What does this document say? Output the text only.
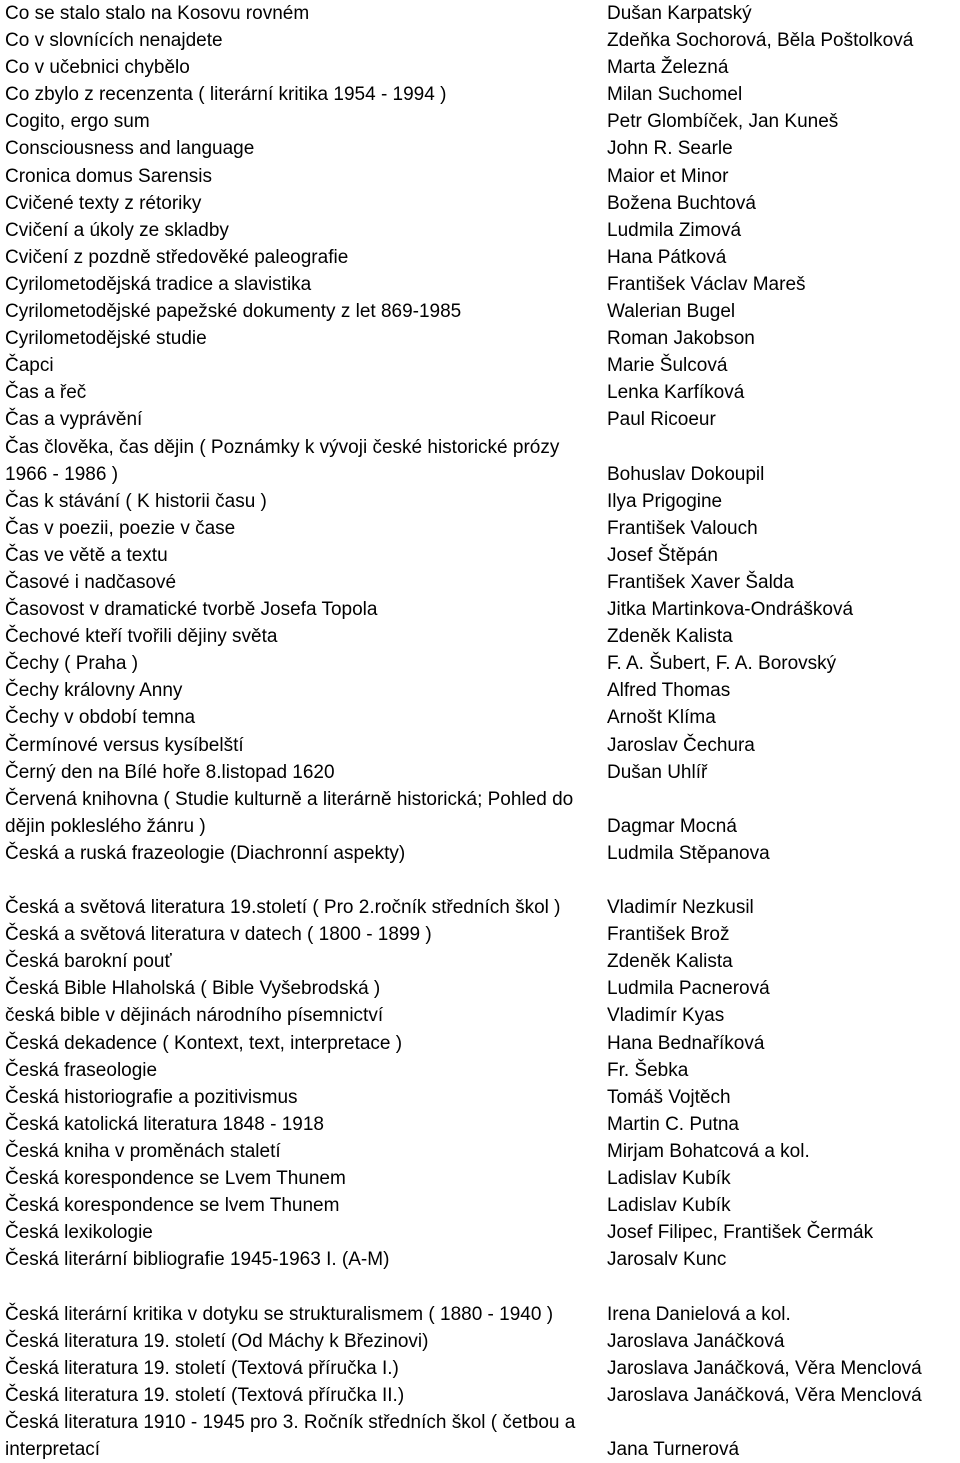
Co se stalo stalo na Kosovu rovném	Dušan Karpatský
Co v slovnících nenajdete	Zdeňka Sochorová, Běla Poštolková
Co v učebnici chybělo	Marta Železná
Co zbylo z recenzenta ( literární kritika 1954 - 1994 )	Milan Suchomel
Cogito, ergo sum	Petr Glombíček, Jan Kuneš
Consciousness and language	John R. Searle
Cronica domus Sarensis	Maior et Minor
Cvičené texty z rétoriky	Božena Buchtová
Cvičení a úkoly ze skladby	Ludmila Zimová
Cvičení z pozdně středověké paleografie	Hana Pátková
Cyrilometodějská tradice a slavistika	František Václav Mareš
Cyrilometodějské papežské dokumenty z let 869-1985	Walerian Bugel
Cyrilometodějské studie	Roman Jakobson
Čapci	Marie Šulcová
Čas a řeč	Lenka Karfíková
Čas a vyprávění	Paul Ricoeur
Čas člověka, čas dějin ( Poznámky k vývoji české historické prózy 1966 - 1986 )	Bohuslav Dokoupil
Čas k stávání ( K historii času )	Ilya Prigogine
Čas v poezii, poezie v čase	František Valouch
Čas ve větě a textu	Josef Štěpán
Časové i nadčasové	František Xaver Šalda
Časovost v dramatické tvorbě Josefa Topola	Jitka Martinkova-Ondrášková
Čechové kteří tvořili dějiny světa	Zdeněk Kalista
Čechy ( Praha )	F. A. Šubert, F. A. Borovský
Čechy královny Anny	Alfred Thomas
Čechy v období temna	Arnošt Klíma
Čermínové versus kysíbelští	Jaroslav Čechura
Černý den na Bílé hoře 8.listopad 1620	Dušan Uhlíř
Červená knihovna ( Studie kulturně a literárně historická; Pohled do dějin pokleslého žánru )	Dagmar Mocná
Česká a ruská frazeologie (Diachronní aspekty)	Ludmila Stěpanova
Česká a světová literatura 19.století ( Pro 2.ročník středních škol )	Vladimír Nezkusil
Česká a světová literatura v datech ( 1800 - 1899 )	František Brož
Česká barokní pouť	Zdeněk Kalista
Česká Bible Hlaholská ( Bible Vyšebrodská )	Ludmila Pacnerová
česká bible v dějinách národního písemnictví	Vladimír Kyas
Česká dekadence ( Kontext, text, interpretace )	Hana Bednaříková
Česká fraseologie	Fr. Šebka
Česká historiografie a pozitivismus	Tomáš Vojtěch
Česká katolická literatura 1848 - 1918	Martin C. Putna
Česká kniha v proměnách staletí	Mirjam Bohatcová a kol.
Česká korespondence se Lvem Thunem	Ladislav Kubík
Česká korespondence se lvem Thunem	Ladislav Kubík
Česká lexikologie	Josef Filipec, František Čermák
Česká literární bibliografie 1945-1963 I. (A-M)	Jarosalv Kunc
Česká literární kritika v dotyku se strukturalismem ( 1880 - 1940 )	Irena Danielová a kol.
Česká literatura 19. století (Od Máchy k Březinovi)	Jaroslava Janáčková
Česká literatura 19. století (Textová příručka I.)	Jaroslava Janáčková, Věra Menclová
Česká literatura 19. století (Textová příručka II.)	Jaroslava Janáčková, Věra Menclová
Česká literatura 1910 - 1945 pro 3. Ročník středních škol ( četbou a interpretací	Jana Turnerová
